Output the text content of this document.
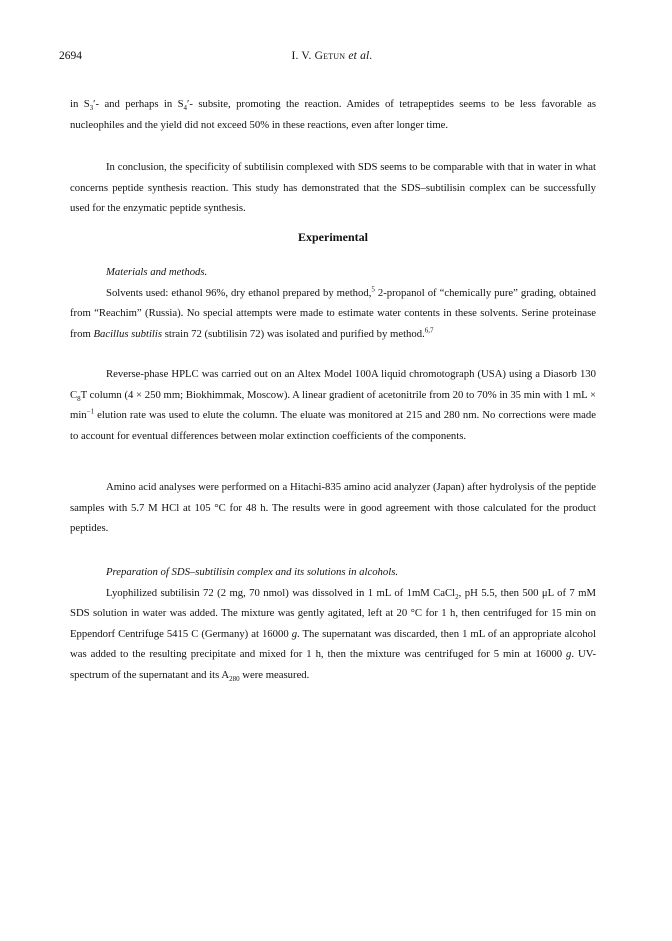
2694	I. V. Getun et al.

in $S_3'-$ and perhaps in $S_4'-$ subsite, promoting the reaction. Amides of tetrapeptides seems to be less favorable as nucleophiles and the yield did not exceed 50% in these reactions, even after longer time.

In conclusion, the specificity of subtilisin complexed with SDS seems to be comparable with that in water in what concerns peptide synthesis reaction. This study has demonstrated that the SDS–subtilisin complex can be successfully used for the enzymatic peptide synthesis.

Experimental

Materials and methods.

Solvents used: ethanol 96%, dry ethanol prepared by method,$^5$ 2-propanol of “chemically pure” grading, obtained from “Reachim” (Russia). No special attempts were made to estimate water contents in these solvents. Serine proteinase from Bacillus subtilis strain 72 (subtilisin 72) was isolated and purified by method.$^{6,7}$

Reverse-phase HPLC was carried out on an Altex Model 100A liquid chromotograph (USA) using a Diasorb 130 $C_8T$ column (4 × 250 mm; Biokhimmak, Moscow). A linear gradient of acetonitrile from 20 to 70% in 35 min with 1 mL × $\min^{-1}$ elution rate was used to elute the column. The eluate was monitored at 215 and 280 nm. No corrections were made to account for eventual differences between molar extinction coefficients of the components.

Amino acid analyses were performed on a Hitachi-835 amino acid analyzer (Japan) after hydrolysis of the peptide samples with 5.7 M HCl at 105 °C for 48 h. The results were in good agreement with those calculated for the product peptides.

Preparation of SDS–subtilisin complex and its solutions in alcohols.

Lyophilized subtilisin 72 (2 mg, 70 nmol) was dissolved in 1 mL of 1mM CaCl$_2$, pH 5.5, then 500 μL of 7 mM SDS solution in water was added. The mixture was gently agitated, left at 20 °C for 1 h, then centrifuged for 15 min on Eppendorf Centrifuge 5415 C (Germany) at 16000 g. The supernatant was discarded, then 1 mL of an appropriate alcohol was added to the resulting precipitate and mixed for 1 h, then the mixture was centrifuged for 5 min at 16000 g. UV-spectrum of the supernatant and its $A_{280}$ were measured.
